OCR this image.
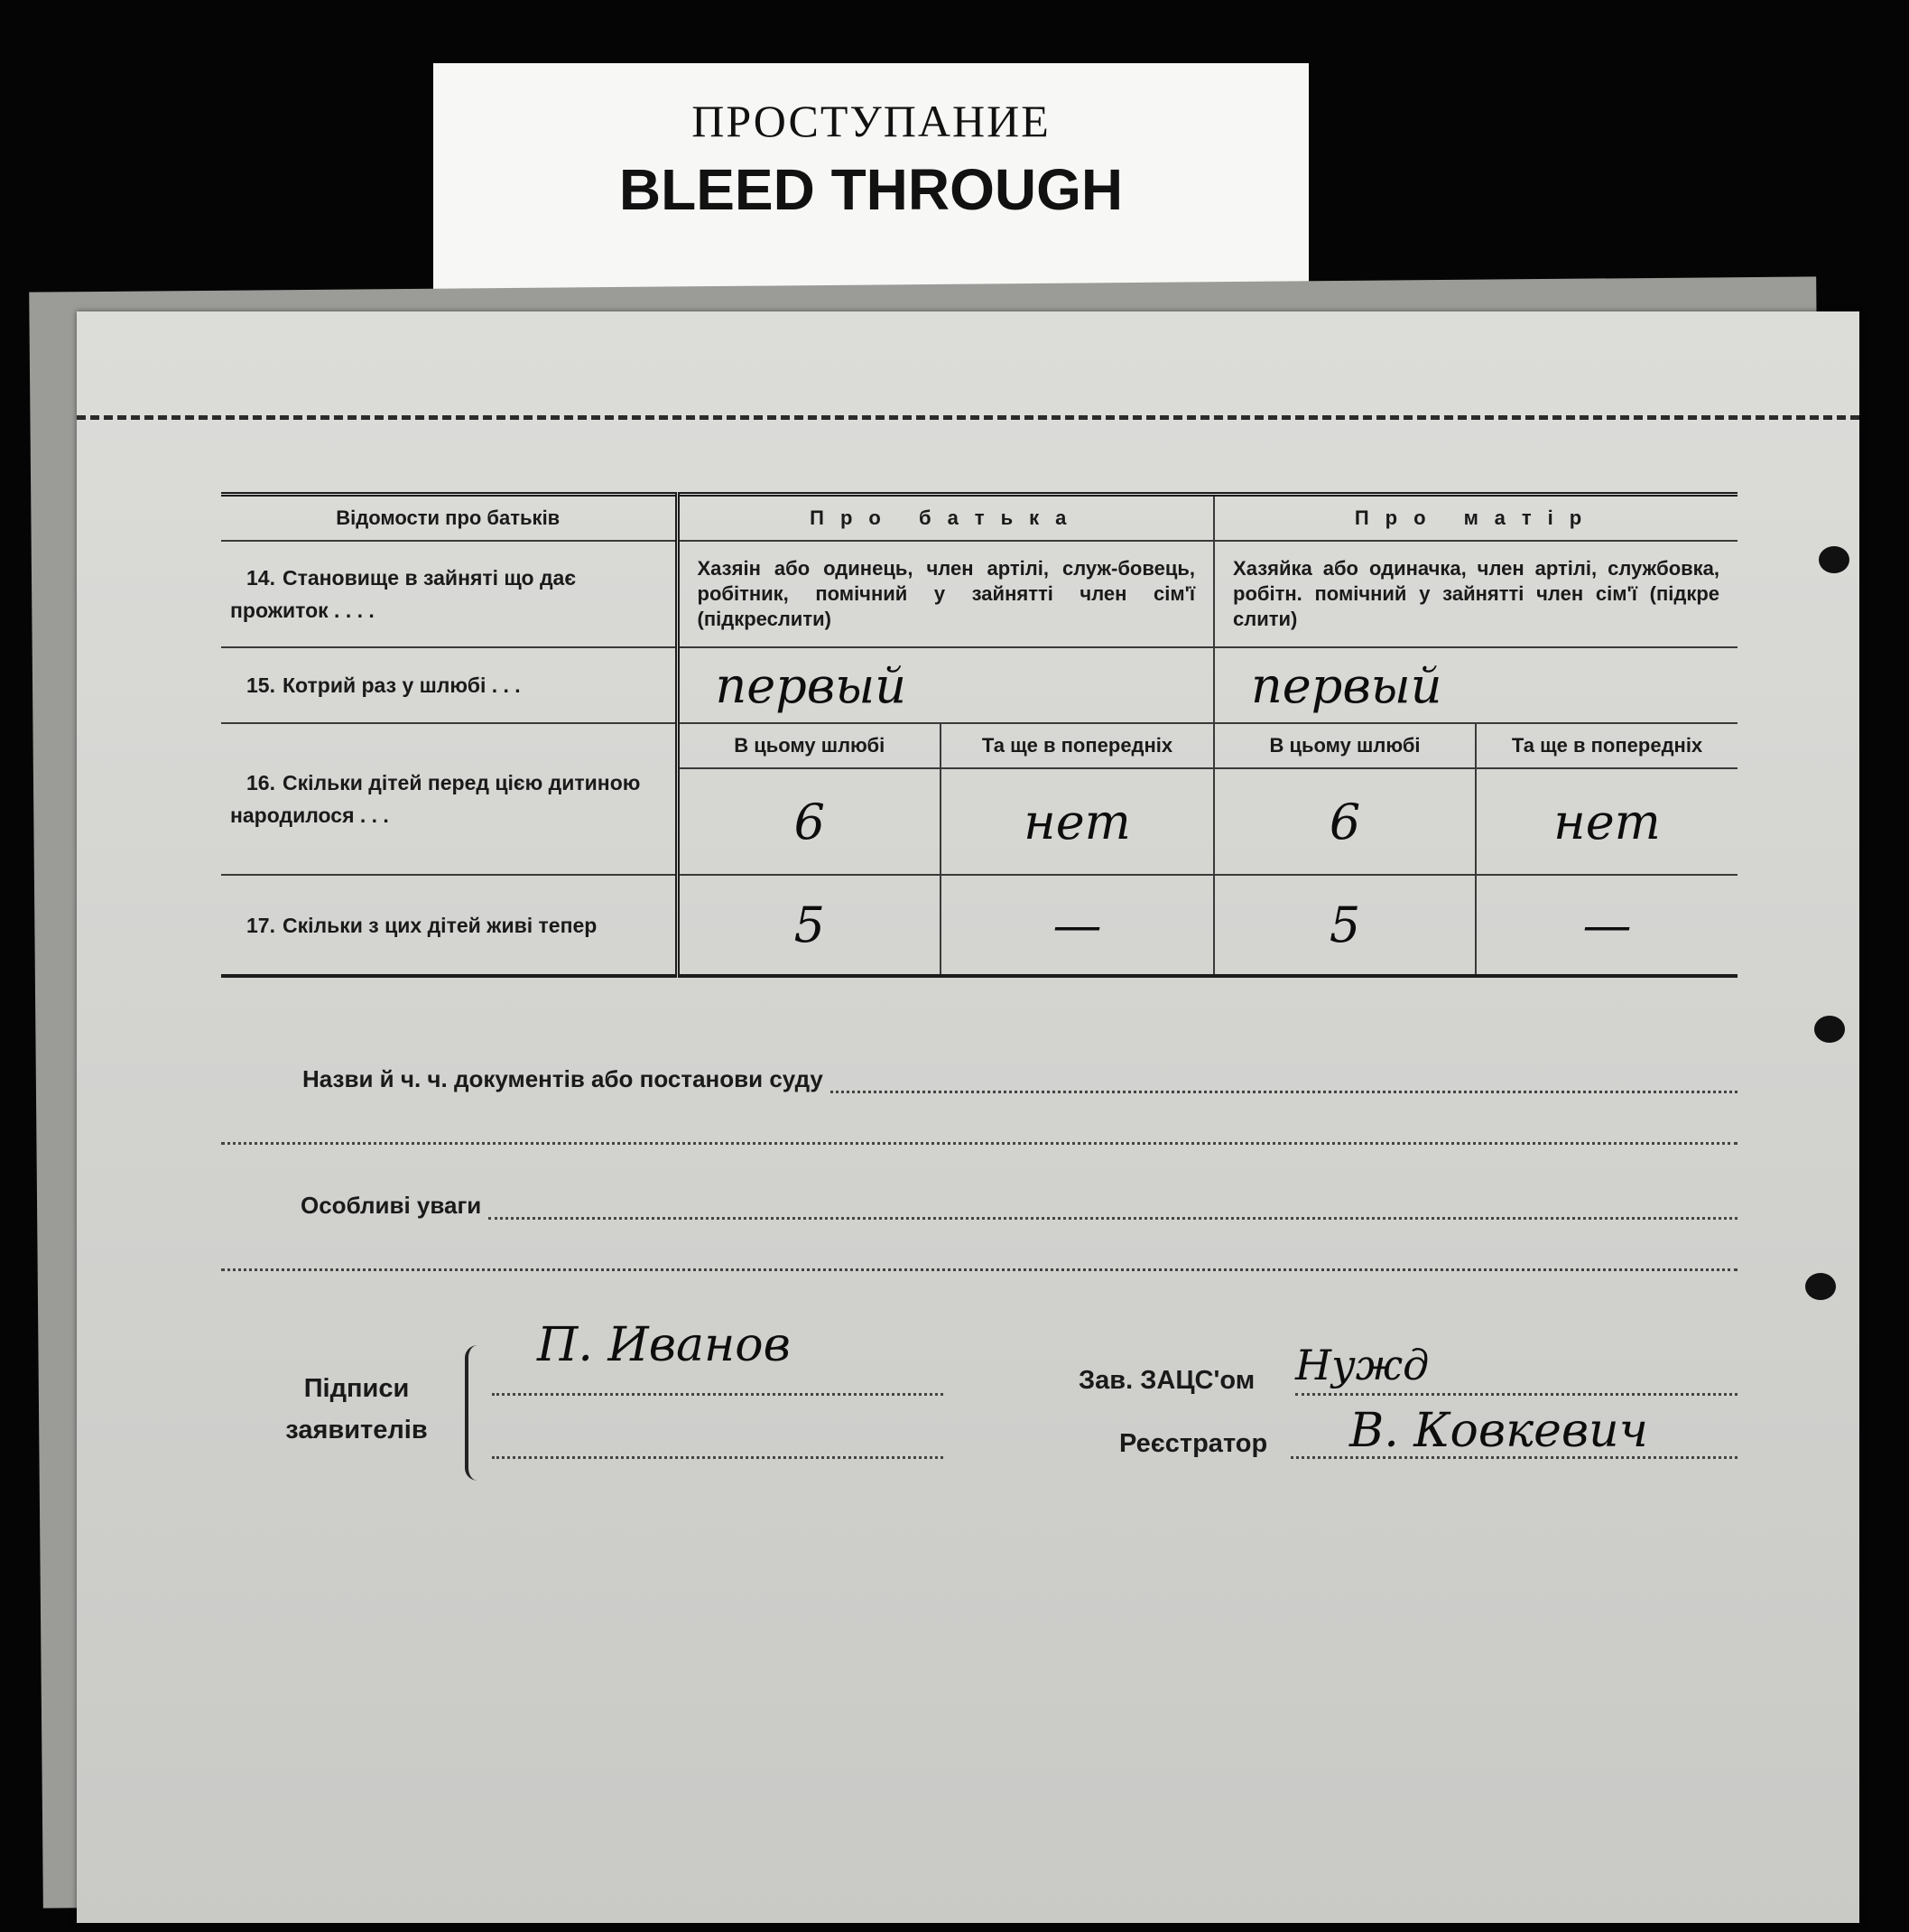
ПРОСТУПАНИЕ
BLEED THROUGH
Відомости про батьків	Про батька		Про матір	
14. Становище в зайняті що дає прожиток . . . .	Хазяін або одинець, член артілі, служ-бовець, робітник, помічний у зайнятті член сім'ї (підкреслити)		Хазяйка або одиначка, член артілі, службовка, робітн. помічний у зайнятті член сім'ї (підкре слити)	
15. Котрий раз у шлюбі . . .	первый		первый	
16. Скільки дітей перед цією дитиною народилося . . .	В цьому шлюбі	Та ще в попередніх	В цьому шлюбі	Та ще в попередніх
	6	нет	6	нет
17. Скільки з цих дітей живі тепер	5	—	5	—
Назви й ч. ч. документів або постанови суду
Особливі уваги
Підписи
заявителів
П. Иванов
Зав. ЗАЦС'ом Нужд
Реєстратор В. Ковкевич
